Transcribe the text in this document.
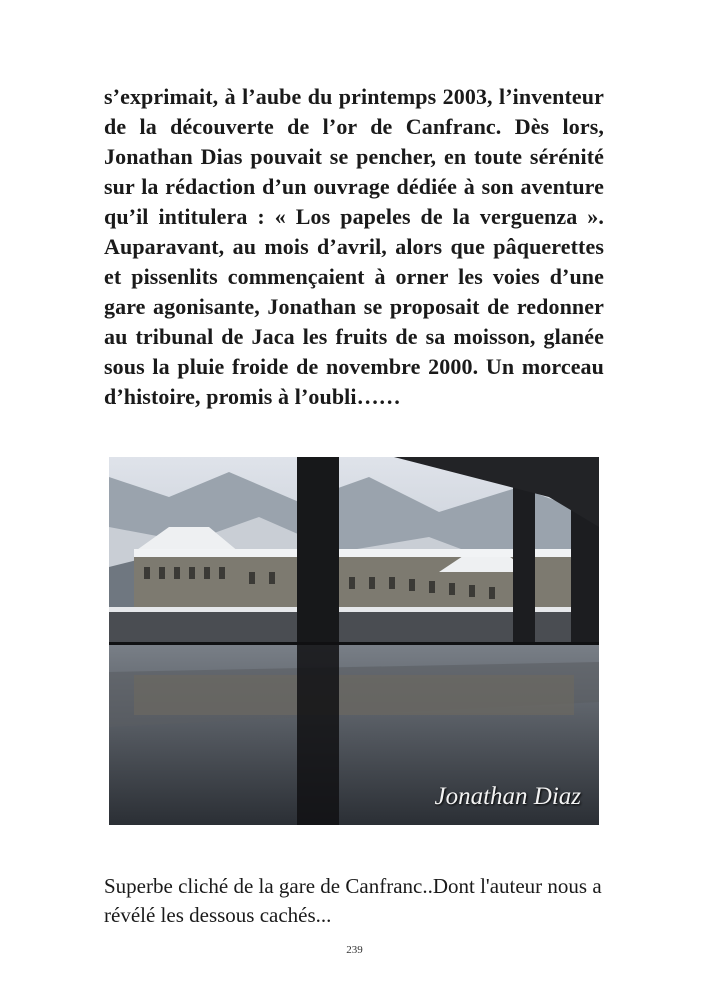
s’exprimait, à l’aube du printemps 2003, l’inventeur de la découverte de l’or de Canfranc. Dès lors, Jonathan Dias pouvait se pencher, en toute sérénité sur la rédaction d’un ouvrage dédiée à son aventure qu’il intitulera : « Los papeles de la verguenza ». Auparavant, au mois d’avril, alors que pâquerettes et pissenlits commençaient à orner les voies d’une gare agonisante, Jonathan se proposait de redonner au tribunal de Jaca les fruits de sa moisson, glanée sous la pluie froide de novembre 2000. Un morceau d’histoire, promis à l’oubli……
Jonathan Diaz
Superbe cliché de la gare de Canfranc..Dont l'auteur nous a révélé les dessous cachés...
239
